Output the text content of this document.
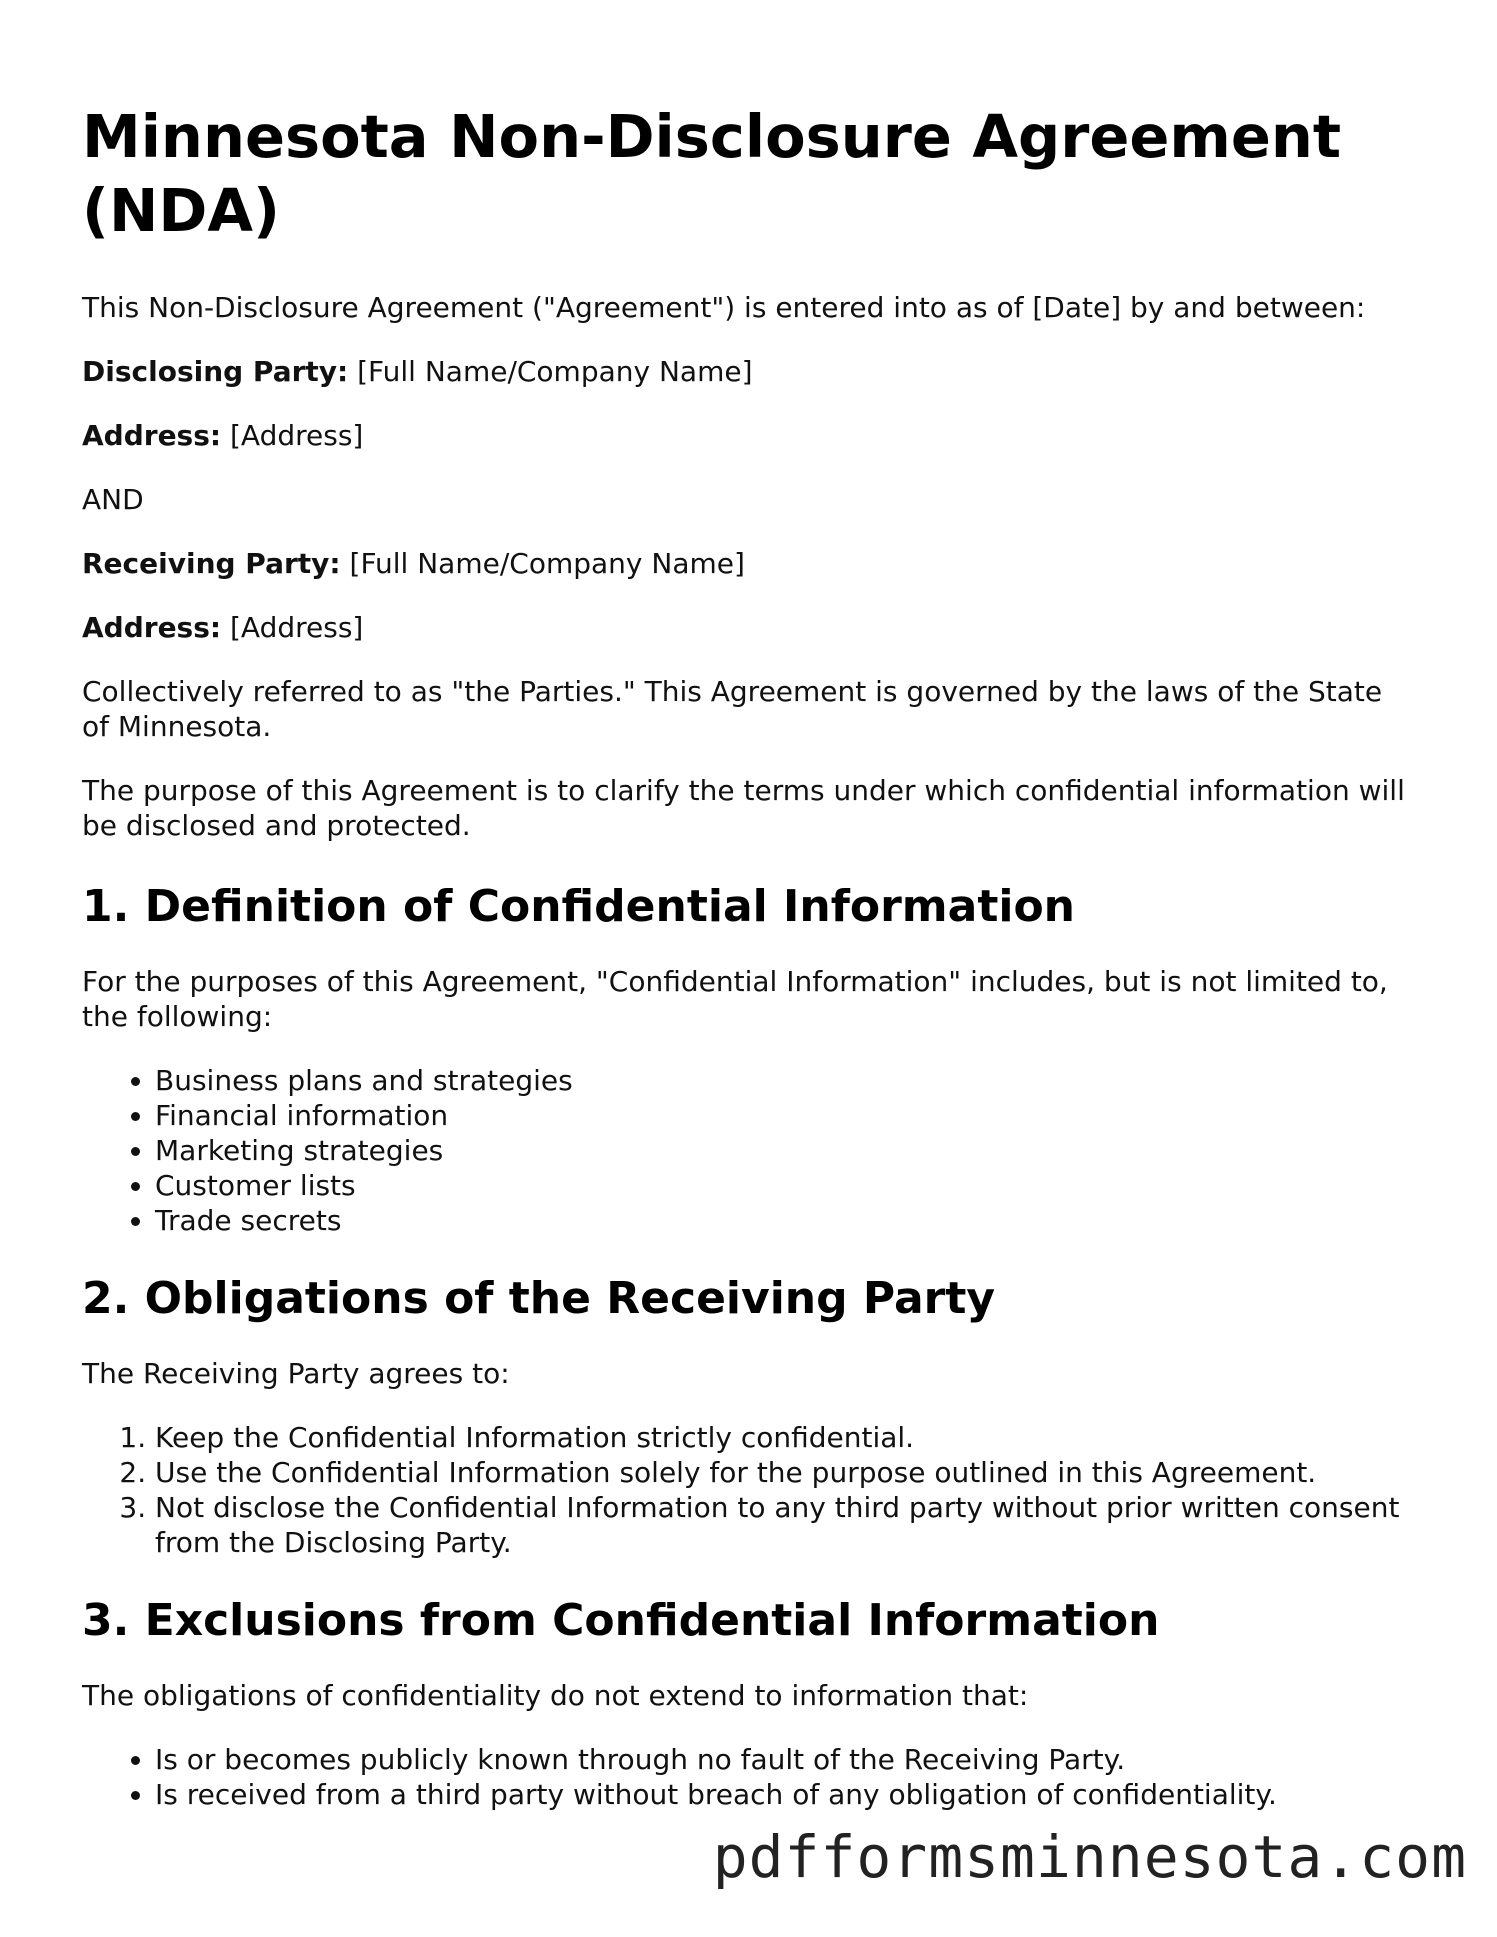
Minnesota Non-Disclosure Agreement (NDA)

This Non-Disclosure Agreement ("Agreement") is entered into as of [Date] by and between:

Disclosing Party: [Full Name/Company Name]

Address: [Address]

AND

Receiving Party: [Full Name/Company Name]

Address: [Address]

Collectively referred to as "the Parties." This Agreement is governed by the laws of the State of Minnesota.

The purpose of this Agreement is to clarify the terms under which confidential information will be disclosed and protected.

1. Definition of Confidential Information

For the purposes of this Agreement, "Confidential Information" includes, but is not limited to, the following:

• Business plans and strategies
• Financial information
• Marketing strategies
• Customer lists
• Trade secrets
2. Obligations of the Receiving Party

The Receiving Party agrees to:

1. Keep the Confidential Information strictly confidential.
2. Use the Confidential Information solely for the purpose outlined in this Agreement.
3. Not disclose the Confidential Information to any third party without prior written consent from the Disclosing Party.
3. Exclusions from Confidential Information

The obligations of confidentiality do not extend to information that:

• Is or becomes publicly known through no fault of the Receiving Party.
• Is received from a third party without breach of any obligation of confidentiality.
pdfformsminnesota.com
